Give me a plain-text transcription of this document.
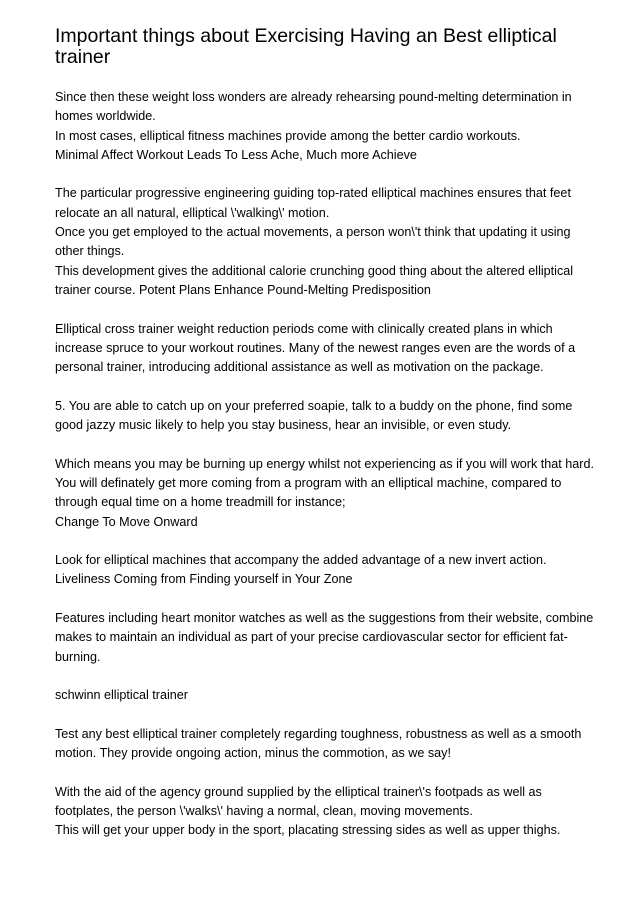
Important things about Exercising Having an Best elliptical trainer
Since then these weight loss wonders are already rehearsing pound-melting determination in homes worldwide.
In most cases, elliptical fitness machines provide among the better cardio workouts.
Minimal Affect Workout Leads To Less Ache, Much more Achieve
The particular progressive engineering guiding top-rated elliptical machines ensures that feet relocate an all natural, elliptical \'walking\' motion.
Once you get employed to the actual movements, a person won\'t think that updating it using other things.
This development gives the additional calorie crunching good thing about the altered elliptical trainer course. Potent Plans Enhance Pound-Melting Predisposition
Elliptical cross trainer weight reduction periods come with clinically created plans in which increase spruce to your workout routines. Many of the newest ranges even are the words of a personal trainer, introducing additional assistance as well as motivation on the package.
5. You are able to catch up on your preferred soapie, talk to a buddy on the phone, find some good jazzy music likely to help you stay business, hear an invisible, or even study.
Which means you may be burning up energy whilst not experiencing as if you will work that hard. You will definately get more coming from a program with an elliptical machine, compared to through equal time on a home treadmill for instance;
Change To Move Onward
Look for elliptical machines that accompany the added advantage of a new invert action.
Liveliness Coming from Finding yourself in Your Zone
Features including heart monitor watches as well as the suggestions from their website, combine makes to maintain an individual as part of your precise cardiovascular sector for efficient fat-burning.
schwinn elliptical trainer
Test any best elliptical trainer completely regarding toughness, robustness as well as a smooth motion. They provide ongoing action, minus the commotion, as we say!
With the aid of the agency ground supplied by the elliptical trainer\'s footpads as well as footplates, the person \'walks\' having a normal, clean, moving movements.
This will get your upper body in the sport, placating stressing sides as well as upper thighs.
